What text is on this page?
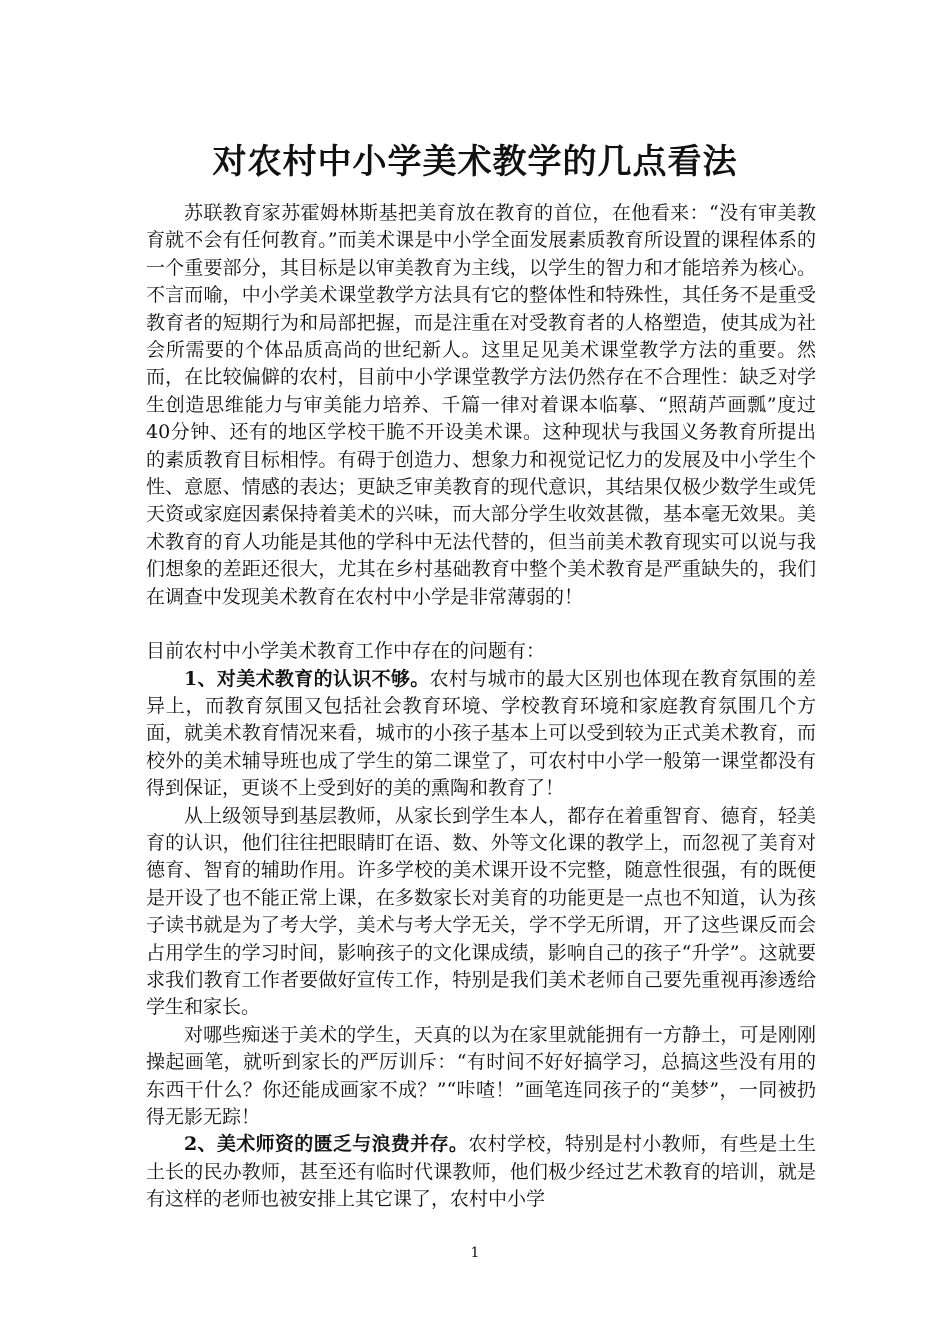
对农村中小学美术教学的几点看法

苏联教育家苏霍姆林斯基把美育放在教育的首位，在他看来：“没有审美教育就不会有任何教育。”而美术课是中小学全面发展素质教育所设置的课程体系的一个重要部分，其目标是以审美教育为主线，以学生的智力和才能培养为核心。不言而喻，中小学美术课堂教学方法具有它的整体性和特殊性，其任务不是重受教育者的短期行为和局部把握，而是注重在对受教育者的人格塑造，使其成为社会所需要的个体品质高尚的世纪新人。这里足见美术课堂教学方法的重要。然而，在比较偏僻的农村，目前中小学课堂教学方法仍然存在不合理性：缺乏对学生创造思维能力与审美能力培养、千篇一律对着课本临摹、“照葫芦画瓢”度过40分钟、还有的地区学校干脆不开设美术课。这种现状与我国义务教育所提出的素质教育目标相悖。有碍于创造力、想象力和视觉记忆力的发展及中小学生个性、意愿、情感的表达；更缺乏审美教育的现代意识，其结果仅极少数学生或凭天资或家庭因素保持着美术的兴味，而大部分学生收效甚微，基本毫无效果。美术教育的育人功能是其他的学科中无法代替的，但当前美术教育现实可以说与我们想象的差距还很大，尤其在乡村基础教育中整个美术教育是严重缺失的，我们在调查中发现美术教育在农村中小学是非常薄弱的！

目前农村中小学美术教育工作中存在的问题有：

1、对美术教育的认识不够。农村与城市的最大区别也体现在教育氛围的差异上，而教育氛围又包括社会教育环境、学校教育环境和家庭教育氛围几个方面，就美术教育情况来看，城市的小孩子基本上可以受到较为正式美术教育，而校外的美术辅导班也成了学生的第二课堂了，可农村中小学一般第一课堂都没有得到保证，更谈不上受到好的美的熏陶和教育了！

从上级领导到基层教师，从家长到学生本人，都存在着重智育、德育，轻美育的认识，他们往往把眼睛盯在语、数、外等文化课的教学上，而忽视了美育对德育、智育的辅助作用。许多学校的美术课开设不完整，随意性很强，有的既便是开设了也不能正常上课，在多数家长对美育的功能更是一点也不知道，认为孩子读书就是为了考大学，美术与考大学无关，学不学无所谓，开了这些课反而会占用学生的学习时间，影响孩子的文化课成绩，影响自己的孩子“升学”。这就要求我们教育工作者要做好宣传工作，特别是我们美术老师自己要先重视再渗透给学生和家长。

对哪些痴迷于美术的学生，天真的以为在家里就能拥有一方静土，可是刚刚操起画笔，就听到家长的严厉训斥：“有时间不好好搞学习，总搞这些没有用的东西干什么？你还能成画家不成？”“咔喳！”画笔连同孩子的“美梦”，一同被扔得无影无踪！

2、美术师资的匮乏与浪费并存。农村学校，特别是村小教师，有些是土生土长的民办教师，甚至还有临时代课教师，他们极少经过艺术教育的培训，就是有这样的老师也被安排上其它课了，农村中小学

1
